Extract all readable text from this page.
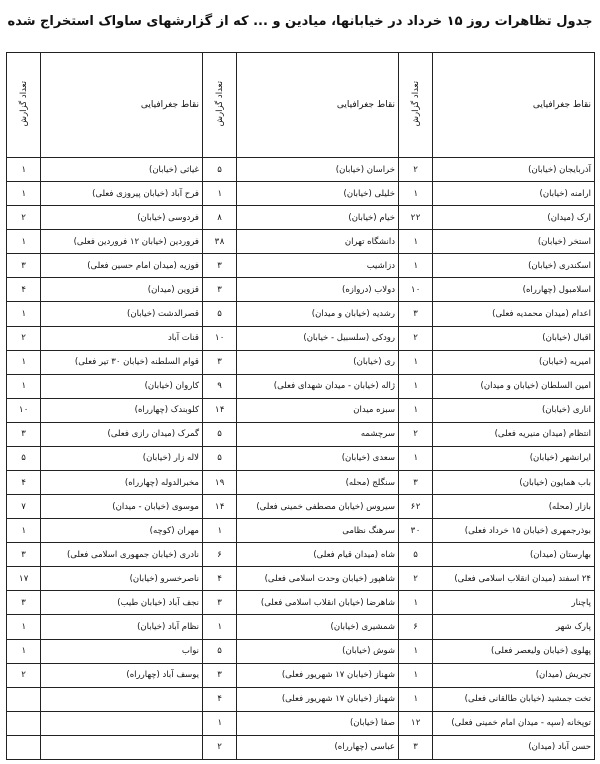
جدول تظاهرات روز ۱۵ خرداد در خیابانها، میادین و ... که از گزارشهای ساواک استخراج شده
نقاط جغرافیایی	تعداد گزارش	نقاط جغرافیایی	تعداد گزارش	نقاط جغرافیایی	تعداد گزارش
آذربایجان (خیابان)	۲	خراسان (خیابان)	۵	غیاثی (خیابان)	۱
ارامنه (خیابان)	۱	خلیلی (خیابان)	۱	فرح آباد (خیابان پیروزی فعلی)	۱
ارک (میدان)	۲۲	خیام (خیابان)	۸	فردوسی (خیابان)	۲
استخر (خیابان)	۱	دانشگاه تهران	۳۸	فروردین (خیابان ۱۲ فروردین فعلی)	۱
اسکندری (خیابان)	۱	دزاشیب	۳	فوزیه (میدان امام حسین فعلی)	۳
اسلامبول (چهارراه)	۱۰	دولاب (دروازه)	۳	قزوین (میدان)	۴
اعدام (میدان محمدیه فعلی)	۳	رشدیه (خیابان و میدان)	۵	قصرالدشت (خیابان)	۱
اقبال (خیابان)	۲	رودکی (سلسبیل - خیابان)	۱۰	قنات آباد	۲
امیریه (خیابان)	۱	ری (خیابان)	۳	قوام السلطنه (خیابان ۳۰ تیر فعلی)	۱
امین السلطان (خیابان و میدان)	۱	ژاله (خیابان - میدان شهدای فعلی)	۹	کاروان (خیابان)	۱
اناری (خیابان)	۱	سبزه میدان	۱۴	کلوبندک (چهارراه)	۱۰
انتظام (میدان منیریه فعلی)	۲	سرچشمه	۵	گمرک (میدان رازی فعلی)	۳
ایرانشهر (خیابان)	۱	سعدی (خیابان)	۵	لاله زار (خیابان)	۵
باب همایون (خیابان)	۳	سنگلج (محله)	۱۹	مخبرالدوله (چهارراه)	۴
بازار (محله)	۶۲	سیروس (خیابان مصطفی خمینی فعلی)	۱۴	موسوی (خیابان - میدان)	۷
بوذرجمهری (خیابان ۱۵ خرداد فعلی)	۳۰	سرهنگ نظامی	۱	مهران (کوچه)	۱
بهارستان (میدان)	۵	شاه (میدان قیام فعلی)	۶	نادری (خیابان جمهوری اسلامی فعلی)	۳
۲۴ اسفند (میدان انقلاب اسلامی فعلی)	۲	شاهپور (خیابان وحدت اسلامی فعلی)	۴	ناصرخسرو (خیابان)	۱۷
پاچنار	۱	شاهرضا (خیابان انقلاب اسلامی فعلی)	۳	نجف آباد (خیابان طیب)	۳
پارک شهر	۶	شمشیری (خیابان)	۱	نظام آباد (خیابان)	۱
پهلوی (خیابان ولیعصر فعلی)	۱	شوش (خیابان)	۵	نواب	۱
تجریش (میدان)	۱	شهناز (خیابان ۱۷ شهریور فعلی)	۳	یوسف آباد (چهارراه)	۲
تخت جمشید (خیابان طالقانی فعلی)	۱	شهناز (خیابان ۱۷ شهریور فعلی)	۴		
توپخانه (سپه - میدان امام خمینی فعلی)	۱۲	صفا (خیابان)	۱		
حسن آباد (میدان)	۳	عباسی (چهارراه)	۲		
